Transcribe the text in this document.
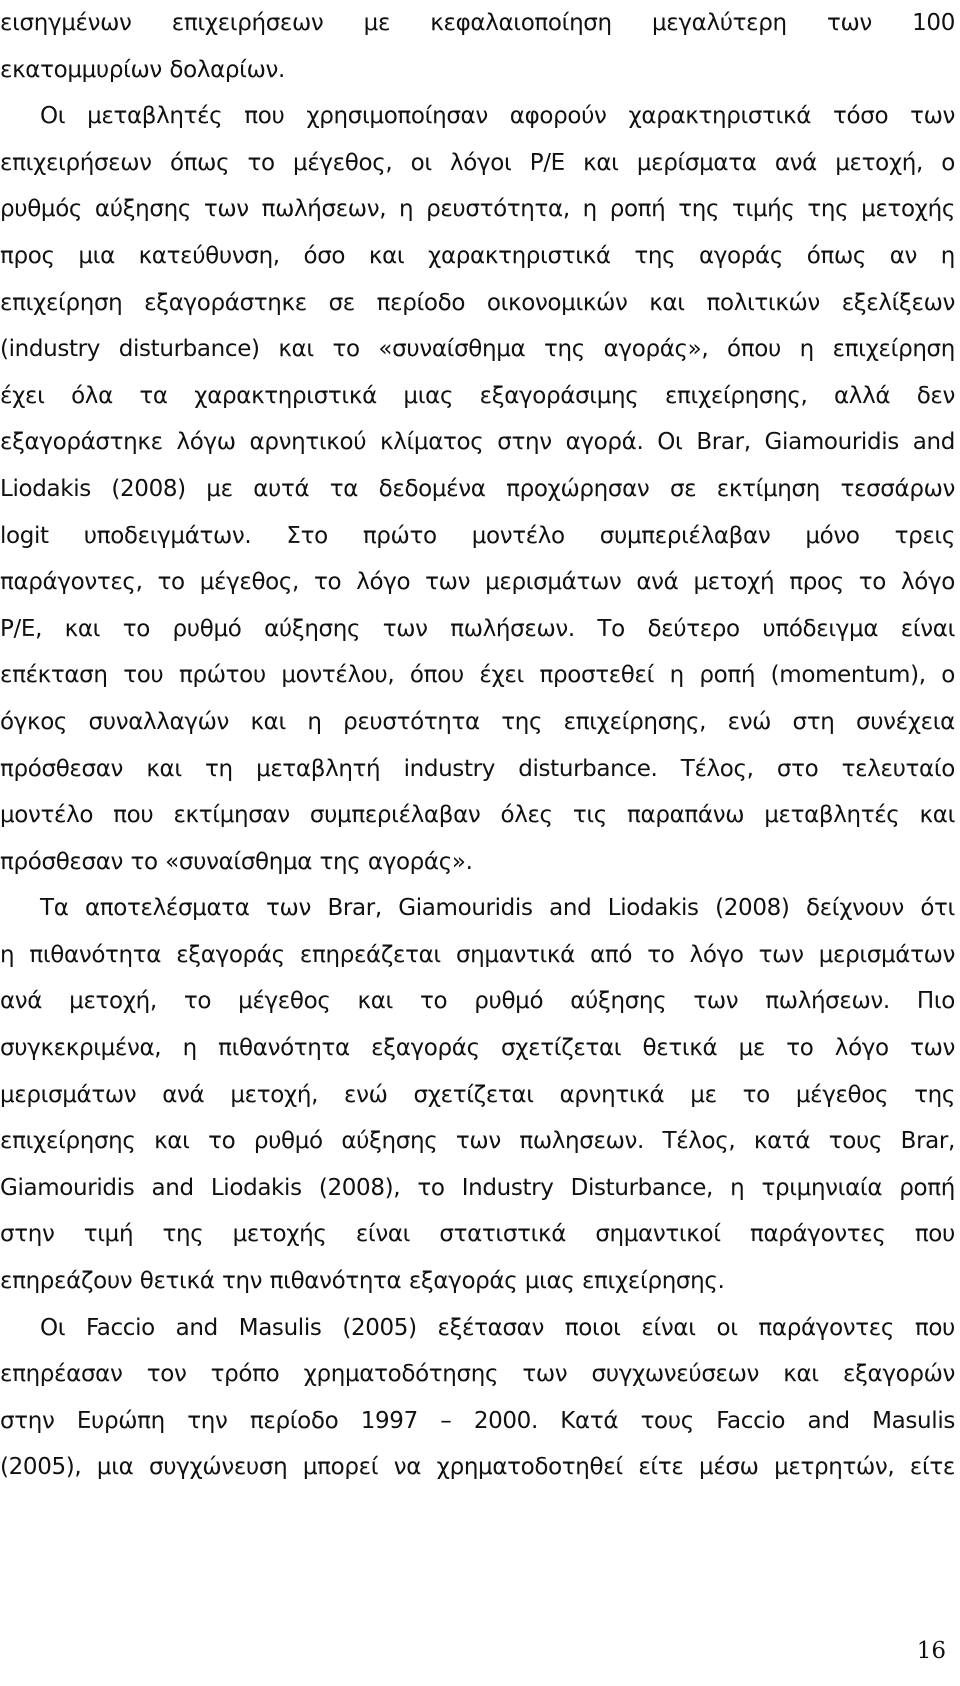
εισηγμένων επιχειρήσεων με κεφαλαιοποίηση μεγαλύτερη των 100

εκατομμυρίων δολαρίων.

Οι μεταβλητές που χρησιμοποίησαν αφορούν χαρακτηριστικά τόσο των

επιχειρήσεων όπως το μέγεθος, οι λόγοι Ρ/Ε και μερίσματα ανά μετοχή, ο

ρυθμός αύξησης των πωλήσεων, η ρευστότητα, η ροπή της τιμής της μετοχής

προς μια κατεύθυνση, όσο και χαρακτηριστικά της αγοράς όπως αν η

επιχείρηση εξαγοράστηκε σε περίοδο οικονομικών και πολιτικών εξελίξεων

(industry disturbance) και το «συναίσθημα της αγοράς», όπου η επιχείρηση

έχει όλα τα χαρακτηριστικά μιας εξαγοράσιμης επιχείρησης, αλλά δεν

εξαγοράστηκε λόγω αρνητικού κλίματος στην αγορά. Οι Brar, Giamouridis and

Liodakis (2008) με αυτά τα δεδομένα προχώρησαν σε εκτίμηση τεσσάρων

logit υποδειγμάτων. Στο πρώτο μοντέλο συμπεριέλαβαν μόνο τρεις

παράγοντες, το μέγεθος, το λόγο των μερισμάτων ανά μετοχή προς το λόγο

Ρ/Ε, και το ρυθμό αύξησης των πωλήσεων. Το δεύτερο υπόδειγμα είναι

επέκταση του πρώτου μοντέλου, όπου έχει προστεθεί η ροπή (momentum), ο

όγκος συναλλαγών και η ρευστότητα της επιχείρησης, ενώ στη συνέχεια

πρόσθεσαν και τη μεταβλητή industry disturbance. Τέλος, στο τελευταίο

μοντέλο που εκτίμησαν συμπεριέλαβαν όλες τις παραπάνω μεταβλητές και

πρόσθεσαν το «συναίσθημα της αγοράς».

Τα αποτελέσματα των Brar, Giamouridis and Liodakis (2008) δείχνουν ότι

η πιθανότητα εξαγοράς επηρεάζεται σημαντικά από το λόγο των μερισμάτων

ανά μετοχή, το μέγεθος και το ρυθμό αύξησης των πωλήσεων. Πιο

συγκεκριμένα, η πιθανότητα εξαγοράς σχετίζεται θετικά με το λόγο των

μερισμάτων ανά μετοχή, ενώ σχετίζεται αρνητικά με το μέγεθος της

επιχείρησης και το ρυθμό αύξησης των πωλησεων. Τέλος, κατά τους Brar,

Giamouridis and Liodakis (2008), το Industry Disturbance, η τριμηνιαία ροπή

στην τιμή της μετοχής είναι στατιστικά σημαντικοί παράγοντες που

επηρεάζουν θετικά την πιθανότητα εξαγοράς μιας επιχείρησης.

Οι Faccio and Masulis (2005) εξέτασαν ποιοι είναι οι παράγοντες που

επηρέασαν τον τρόπο χρηματοδότησης των συγχωνεύσεων και εξαγορών

στην Ευρώπη την περίοδο 1997 – 2000. Κατά τους Faccio and Masulis

(2005), μια συγχώνευση μπορεί να χρηματοδοτηθεί είτε μέσω μετρητών, είτε

16
